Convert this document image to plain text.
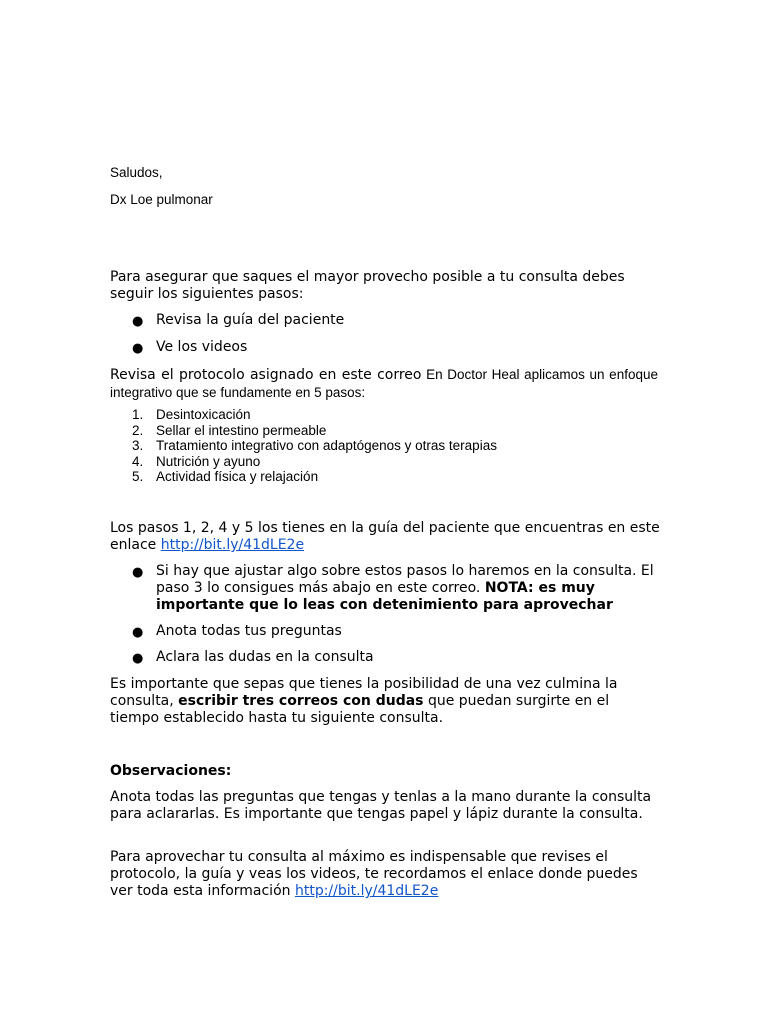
Saludos,

Dx Loe pulmonar

Para asegurar que saques el mayor provecho posible a tu consulta debes seguir los siguientes pasos:

● Revisa la guía del paciente

● Ve los videos

Revisa el protocolo asignado en este correo En Doctor Heal aplicamos un enfoque integrativo que se fundamente en 5 pasos:

1. Desintoxicación
2. Sellar el intestino permeable
3. Tratamiento integrativo con adaptógenos y otras terapias
4. Nutrición y ayuno
5. Actividad física y relajación

Los pasos 1, 2, 4 y 5 los tienes en la guía del paciente que encuentras en este enlace http://bit.ly/41dLE2e

● Si hay que ajustar algo sobre estos pasos lo haremos en la consulta. El paso 3 lo consigues más abajo en este correo. NOTA: es muy importante que lo leas con detenimiento para aprovechar

● Anota todas tus preguntas

● Aclara las dudas en la consulta

Es importante que sepas que tienes la posibilidad de una vez culmina la consulta, escribir tres correos con dudas que puedan surgirte en el tiempo establecido hasta tu siguiente consulta.

Observaciones:

Anota todas las preguntas que tengas y tenlas a la mano durante la consulta para aclararlas. Es importante que tengas papel y lápiz durante la consulta.

Para aprovechar tu consulta al máximo es indispensable que revises el protocolo, la guía y veas los videos, te recordamos el enlace donde puedes ver toda esta información http://bit.ly/41dLE2e
